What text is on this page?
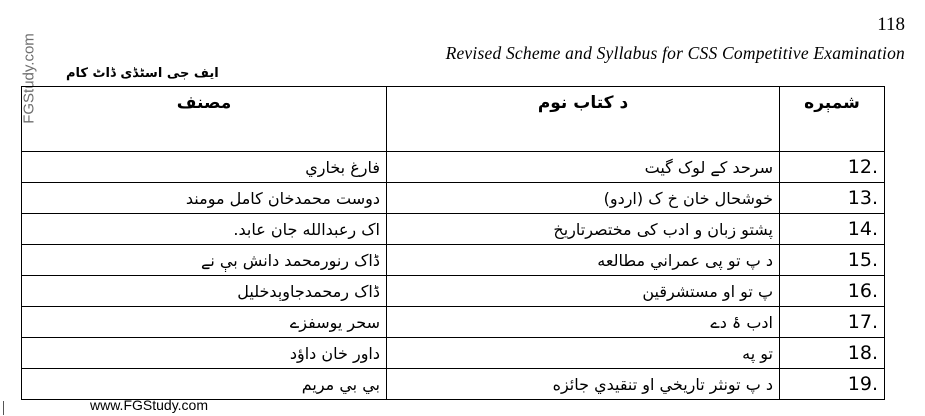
118
Revised Scheme and Syllabus for CSS Competitive Examination
FGStudy.com ایف جی اسٹڈی ڈاٹ کام
مصنف	د کتاب نوم	شمېره
فارغ بخاري	سرحد کے لوک گیت	12.
دوست محمدخان کامل مومند	خوشحال خان خ ک (اردو)	13.
اک رعبدالله جان عابد.	پشتو زبان و ادب کی مختصرتاریخ	14.
ڈاک رنورمحمد دانش بې نے	د پ تو پی عمراني مطالعه	15.
ڈاک رمحمدجاوېدخليل	پ تو او مستشرقين	16.
سحر يوسفزے	ادب ۂ دے	17.
داور خان داؤد	تو په	18.
بي بي مريم	د پ تونثر تاريخي او تنقيدي جائزه	19.
www.FGStudy.com
